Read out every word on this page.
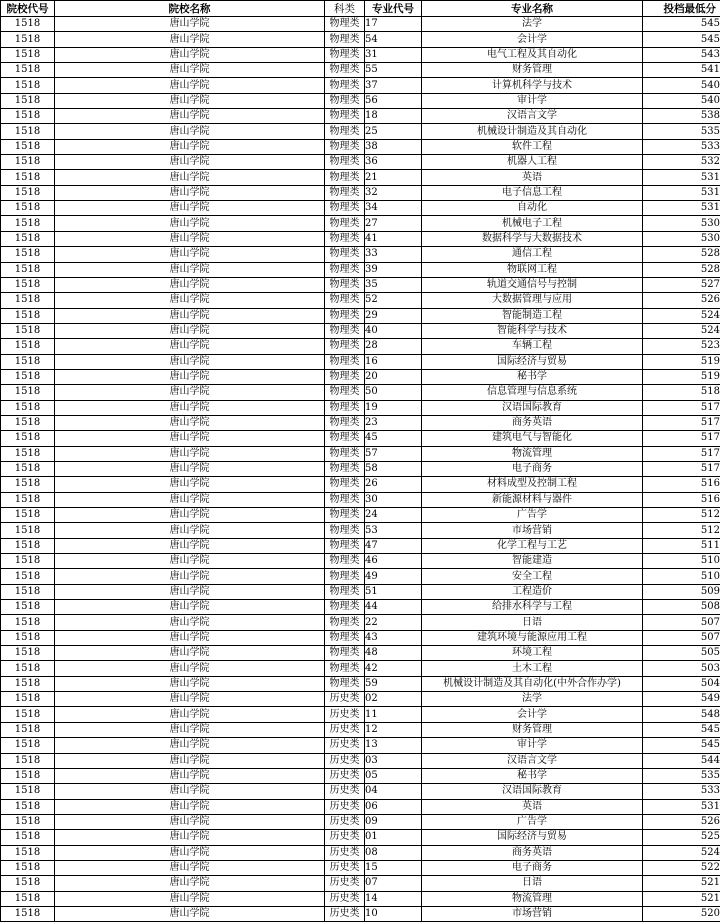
院校代号	院校名称	科类	专业代号	专业名称	投档最低分
1518	唐山学院	物理类	17	法学	545
1518	唐山学院	物理类	54	会计学	545
1518	唐山学院	物理类	31	电气工程及其自动化	543
1518	唐山学院	物理类	55	财务管理	541
1518	唐山学院	物理类	37	计算机科学与技术	540
1518	唐山学院	物理类	56	审计学	540
1518	唐山学院	物理类	18	汉语言文学	538
1518	唐山学院	物理类	25	机械设计制造及其自动化	535
1518	唐山学院	物理类	38	软件工程	533
1518	唐山学院	物理类	36	机器人工程	532
1518	唐山学院	物理类	21	英语	531
1518	唐山学院	物理类	32	电子信息工程	531
1518	唐山学院	物理类	34	自动化	531
1518	唐山学院	物理类	27	机械电子工程	530
1518	唐山学院	物理类	41	数据科学与大数据技术	530
1518	唐山学院	物理类	33	通信工程	528
1518	唐山学院	物理类	39	物联网工程	528
1518	唐山学院	物理类	35	轨道交通信号与控制	527
1518	唐山学院	物理类	52	大数据管理与应用	526
1518	唐山学院	物理类	29	智能制造工程	524
1518	唐山学院	物理类	40	智能科学与技术	524
1518	唐山学院	物理类	28	车辆工程	523
1518	唐山学院	物理类	16	国际经济与贸易	519
1518	唐山学院	物理类	20	秘书学	519
1518	唐山学院	物理类	50	信息管理与信息系统	518
1518	唐山学院	物理类	19	汉语国际教育	517
1518	唐山学院	物理类	23	商务英语	517
1518	唐山学院	物理类	45	建筑电气与智能化	517
1518	唐山学院	物理类	57	物流管理	517
1518	唐山学院	物理类	58	电子商务	517
1518	唐山学院	物理类	26	材料成型及控制工程	516
1518	唐山学院	物理类	30	新能源材料与器件	516
1518	唐山学院	物理类	24	广告学	512
1518	唐山学院	物理类	53	市场营销	512
1518	唐山学院	物理类	47	化学工程与工艺	511
1518	唐山学院	物理类	46	智能建造	510
1518	唐山学院	物理类	49	安全工程	510
1518	唐山学院	物理类	51	工程造价	509
1518	唐山学院	物理类	44	给排水科学与工程	508
1518	唐山学院	物理类	22	日语	507
1518	唐山学院	物理类	43	建筑环境与能源应用工程	507
1518	唐山学院	物理类	48	环境工程	505
1518	唐山学院	物理类	42	土木工程	503
1518	唐山学院	物理类	59	机械设计制造及其自动化(中外合作办学)	504
1518	唐山学院	历史类	02	法学	549
1518	唐山学院	历史类	11	会计学	548
1518	唐山学院	历史类	12	财务管理	545
1518	唐山学院	历史类	13	审计学	545
1518	唐山学院	历史类	03	汉语言文学	544
1518	唐山学院	历史类	05	秘书学	535
1518	唐山学院	历史类	04	汉语国际教育	533
1518	唐山学院	历史类	06	英语	531
1518	唐山学院	历史类	09	广告学	526
1518	唐山学院	历史类	01	国际经济与贸易	525
1518	唐山学院	历史类	08	商务英语	524
1518	唐山学院	历史类	15	电子商务	522
1518	唐山学院	历史类	07	日语	521
1518	唐山学院	历史类	14	物流管理	521
1518	唐山学院	历史类	10	市场营销	520
